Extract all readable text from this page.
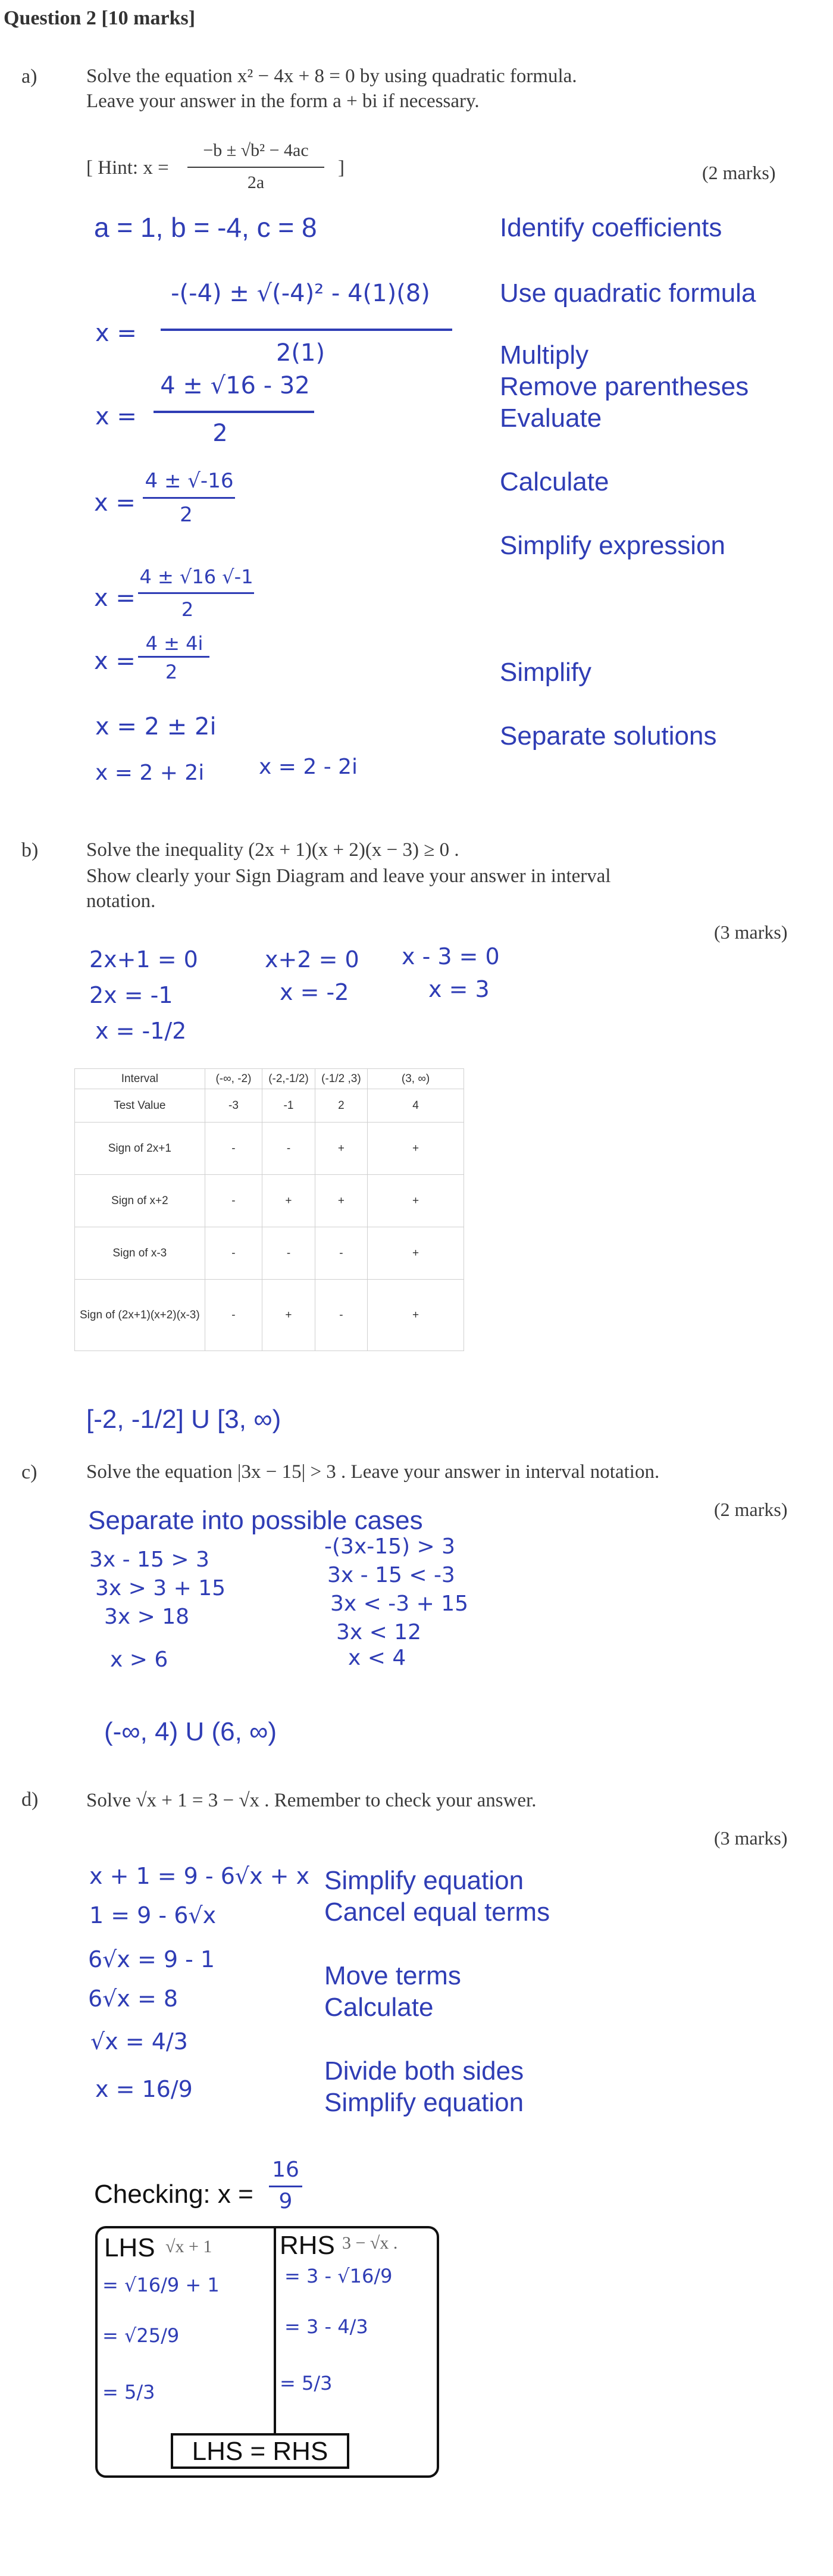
Question 2 [10 marks]
a)	Solve the equation x² − 4x + 8 = 0 by using quadratic formula.
Leave your answer in the form a + bi if necessary.
[ Hint: x =
−b ± √b² − 4ac
2a
]	(2 marks)
a = 1, b = -4, c = 8
x =
-(-4) ± √(-4)² - 4(1)(8)
2(1)
x =
4 ± √16 - 32
2
x =
4 ± √-16
2
x =
4 ± √16 √-1
2
x =
4 ± 4i
2
x = 2 ± 2i
x = 2 + 2i	x = 2 - 2i
Identify coefficients
Use quadratic formula
Multiply
Remove parentheses
Evaluate
Calculate
Simplify expression
Simplify
Separate solutions
b) Solve the inequality (2x + 1)(x + 2)(x − 3) ≥ 0 .
Show clearly your Sign Diagram and leave your answer in interval
notation.
(3 marks)
2x+1 = 0
2x = -1
x = -1/2
x+2 = 0
x = -2
x - 3 = 0
x = 3
Interval	(-∞, -2)	(-2,-1/2)	(-1/2 ,3)	(3, ∞)
Test Value	-3	-1	2	4
Sign of 2x+1	-	-	+	+
Sign of x+2	-	+	+	+
Sign of x-3	-	-	-	+
Sign of (2x+1)(x+2)(x-3)	-	+	-	+
[-2, -1/2] U [3, ∞)
c)	Solve the equation |3x − 15| > 3 . Leave your answer in interval notation.
(2 marks)
Separate into possible cases
3x - 15 > 3
3x > 3 + 15
3x > 18
x > 6
-(3x-15) > 3
3x - 15 < -3
3x < -3 + 15
3x < 12
x < 4
(-∞, 4) U (6, ∞)
d) Solve √x + 1 = 3 − √x . Remember to check your answer.
(3 marks)
x + 1 = 9 - 6√x + x
1 = 9 - 6√x
6√x = 9 - 1
6√x = 8
√x = 4/3
x = 16/9
Simplify equation
Cancel equal terms
Move terms
Calculate
Divide both sides
Simplify equation
Checking: x =
16
9
LHS √x + 1	RHS 3 − √x .
= √16/9 + 1
= √25/9
= 5/3
= 3 - √16/9
= 3 - 4/3
= 5/3
LHS = RHS
